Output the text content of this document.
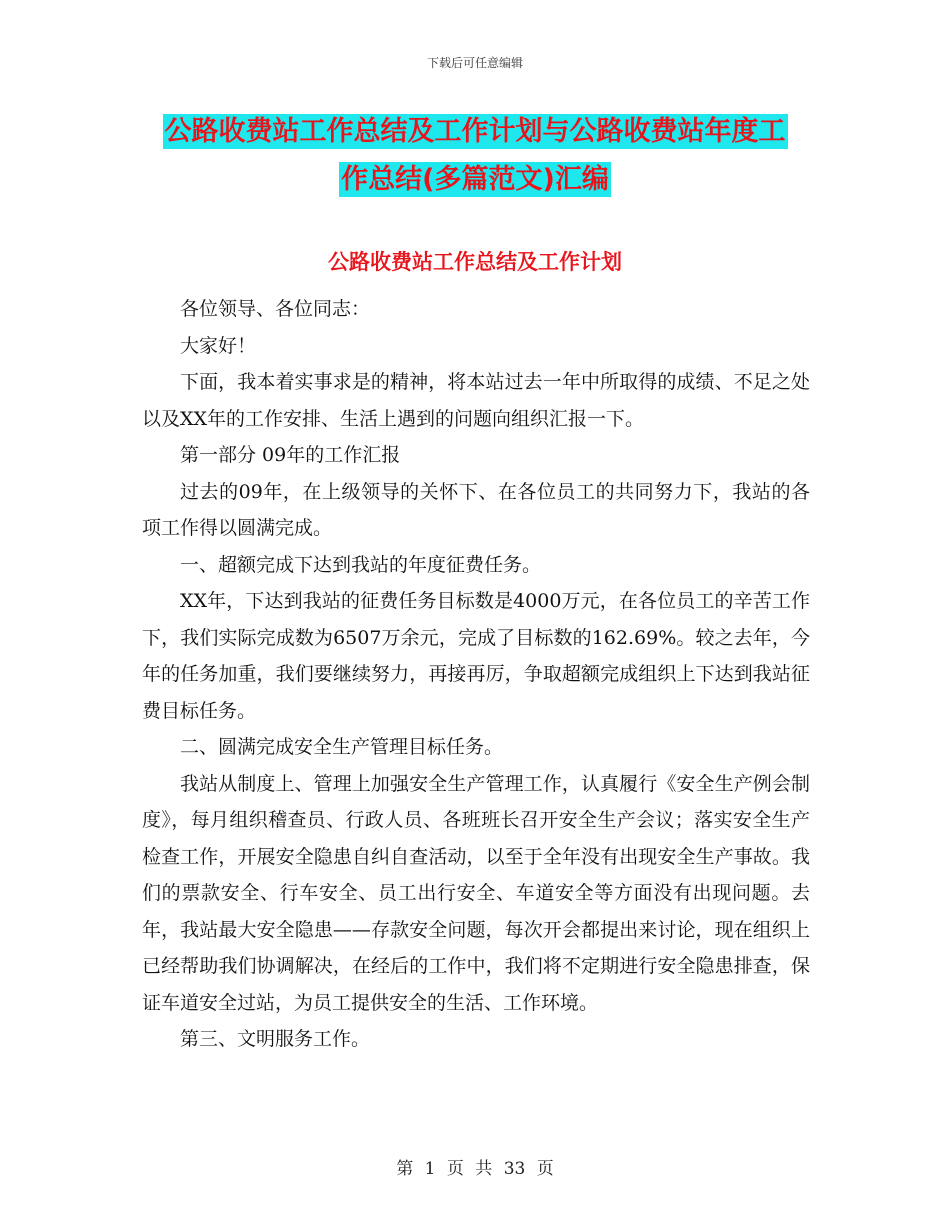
下载后可任意编辑
公路收费站工作总结及工作计划与公路收费站年度工
作总结(多篇范文)汇编
公路收费站工作总结及工作计划

各位领导、各位同志：

大家好！

下面，我本着实事求是的精神，将本站过去一年中所取得的成绩、不足之处以及XX年的工作安排、生活上遇到的问题向组织汇报一下。

第一部分 09年的工作汇报

过去的09年，在上级领导的关怀下、在各位员工的共同努力下，我站的各项工作得以圆满完成。

一、超额完成下达到我站的年度征费任务。

XX年，下达到我站的征费任务目标数是4000万元，在各位员工的辛苦工作下，我们实际完成数为6507万余元，完成了目标数的162.69%。较之去年，今年的任务加重，我们要继续努力，再接再厉，争取超额完成组织上下达到我站征费目标任务。

二、圆满完成安全生产管理目标任务。

我站从制度上、管理上加强安全生产管理工作，认真履行《安全生产例会制度》，每月组织稽查员、行政人员、各班班长召开安全生产会议；落实安全生产检查工作，开展安全隐患自纠自查活动，以至于全年没有出现安全生产事故。我们的票款安全、行车安全、员工出行安全、车道安全等方面没有出现问题。去年，我站最大安全隐患——存款安全问题，每次开会都提出来讨论，现在组织上已经帮助我们协调解决，在经后的工作中，我们将不定期进行安全隐患排查，保证车道安全过站，为员工提供安全的生活、工作环境。

第三、文明服务工作。

第 1 页 共 33 页
